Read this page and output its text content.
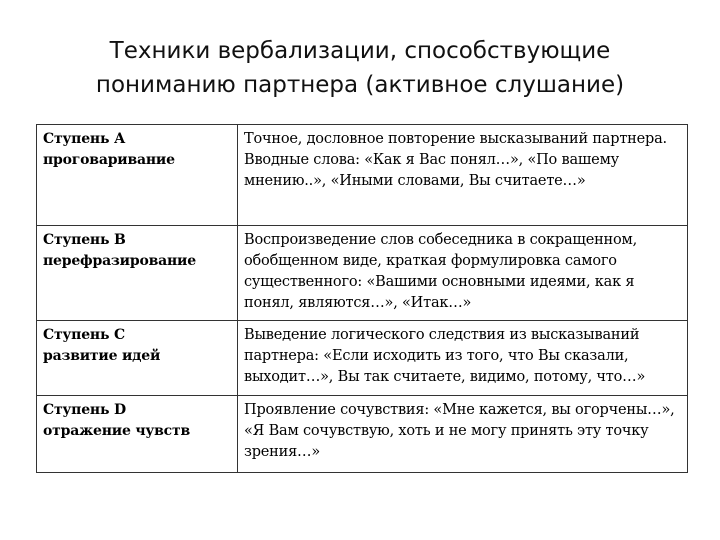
Техники вербализации, способствующие
пониманию партнера (активное слушание)
Ступень А
проговаривание	Точное, дословное повторение высказываний партнера. Вводные слова: «Как я Вас понял…», «По вашему мнению..», «Иными словами, Вы считаете…»

Ступень В
перефразирование	Воспроизведение слов собеседника в сокращенном, обобщенном виде, краткая формулировка самого существенного: «Вашими основными идеями, как я понял, являются…», «Итак…»

Ступень С
развитие идей	Выведение логического следствия из высказываний партнера: «Если исходить из того, что Вы сказали, выходит…», Вы так считаете, видимо, потому, что…»

Ступень D
отражение чувств	Проявление сочувствия: «Мне кажется, вы огорчены…», «Я Вам сочувствую, хоть и не могу принять эту точку зрения…»
